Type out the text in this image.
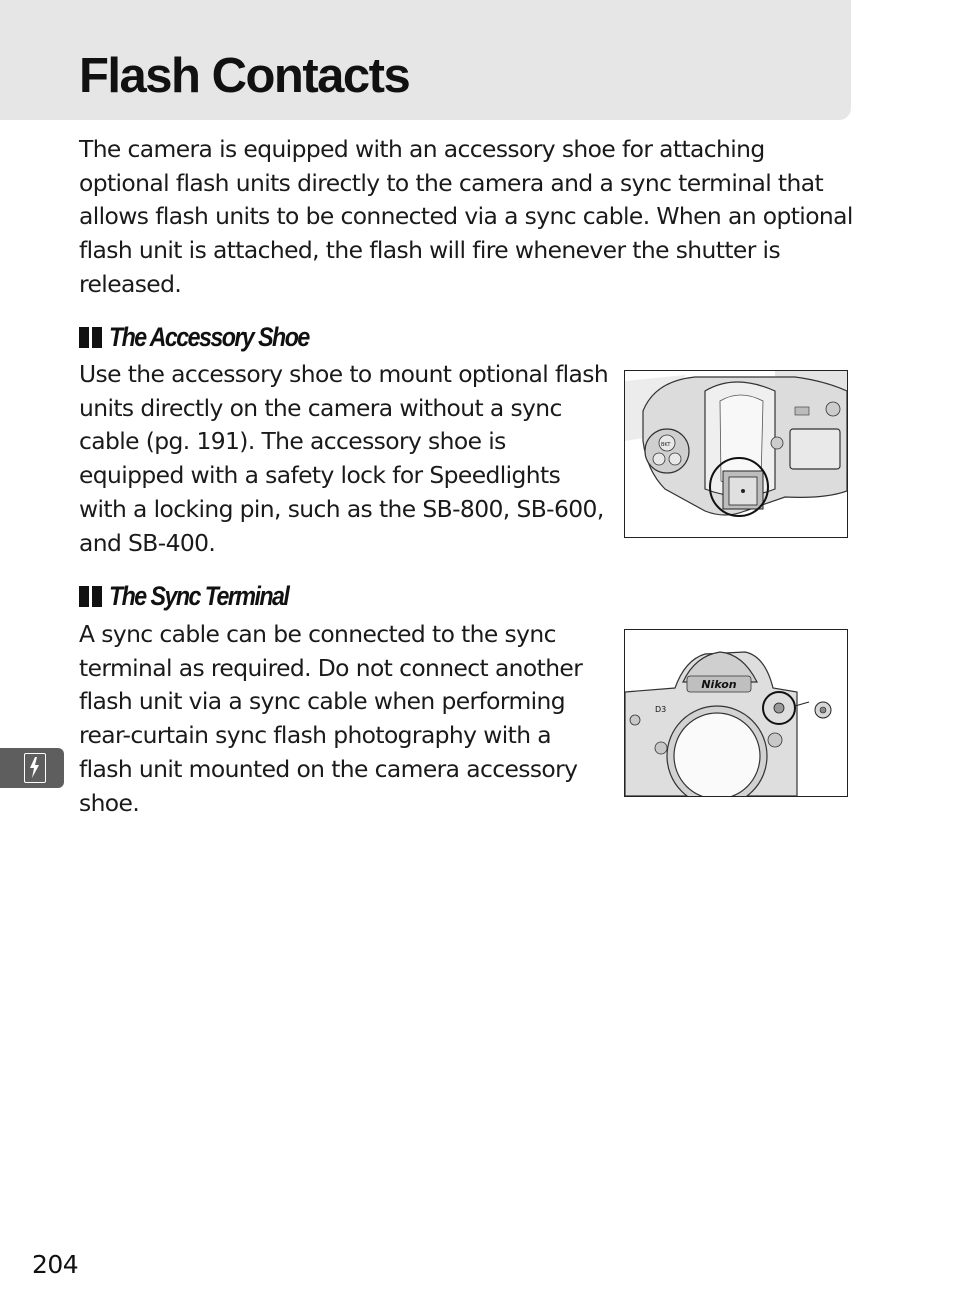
Flash Contacts

The camera is equipped with an accessory shoe for attaching optional flash units directly to the camera and a sync terminal that allows flash units to be connected via a sync cable. When an optional flash unit is attached, the flash will fire whenever the shutter is released.

The Accessory Shoe

Use the accessory shoe to mount optional flash units directly on the camera without a sync cable (pg. 191). The accessory shoe is equipped with a safety lock for Speedlights with a locking pin, such as the SB-800, SB-600, and SB-400.

BKT
The Sync Terminal

A sync cable can be connected to the sync terminal as required. Do not connect another flash unit via a sync cable when performing rear-curtain sync flash photography with a flash unit mounted on the camera accessory shoe.

Nikon
D3

204
